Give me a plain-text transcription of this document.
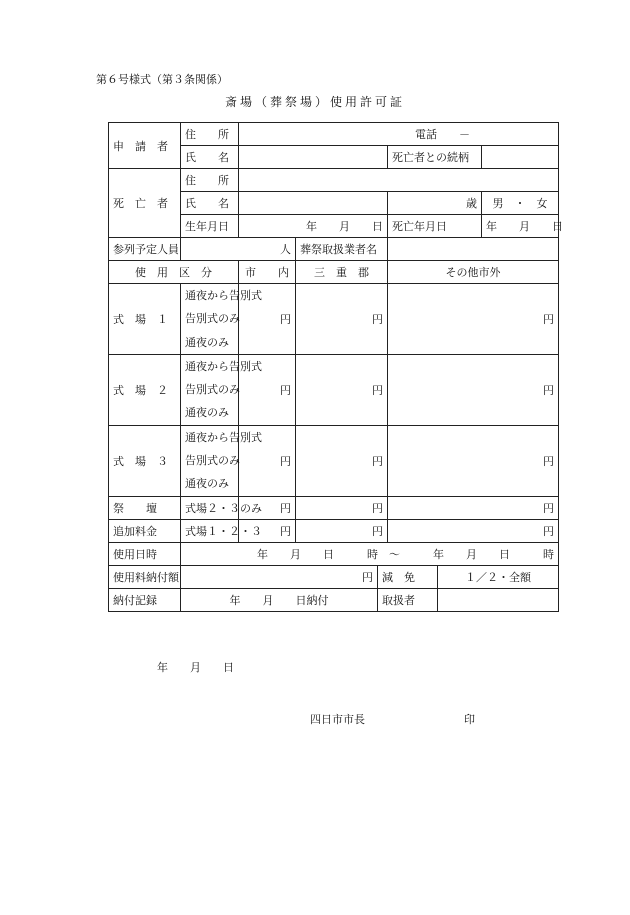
第６号様式（第３条関係）
斎場（葬祭場）使用許可証
申　請　者	住　　所	電話　　－					
	氏　　名				死亡者との続柄		
死　亡　者	住　　所						
	氏　　名				歳		男　・　女
	生年月日	年　　月　　日			死亡年月日		年　　月　　日
参列予定人員	人		葬祭取扱業者名				
使　用　区　分		市　　内	三　重　郡		その他市外		
式　場　１	通夜から告別式
告別式のみ
通夜のみ	円	円		円		
式　場　２	通夜から告別式
告別式のみ
通夜のみ	円	円		円		
式　場　３	通夜から告別式
告別式のみ
通夜のみ	円	円		円		
祭　　壇	式場２・３のみ	円	円		円		
追加料金	式場１・２・３	円	円		円		
使用日時	年　　月　　日　　　時　～　　　年　　月　　日　　　時						
使用料納付額	円			減　免		１／２・全額	
納付記録	年　　月　　日納付			取扱者			
年　　月　　日
四日市市長	印
